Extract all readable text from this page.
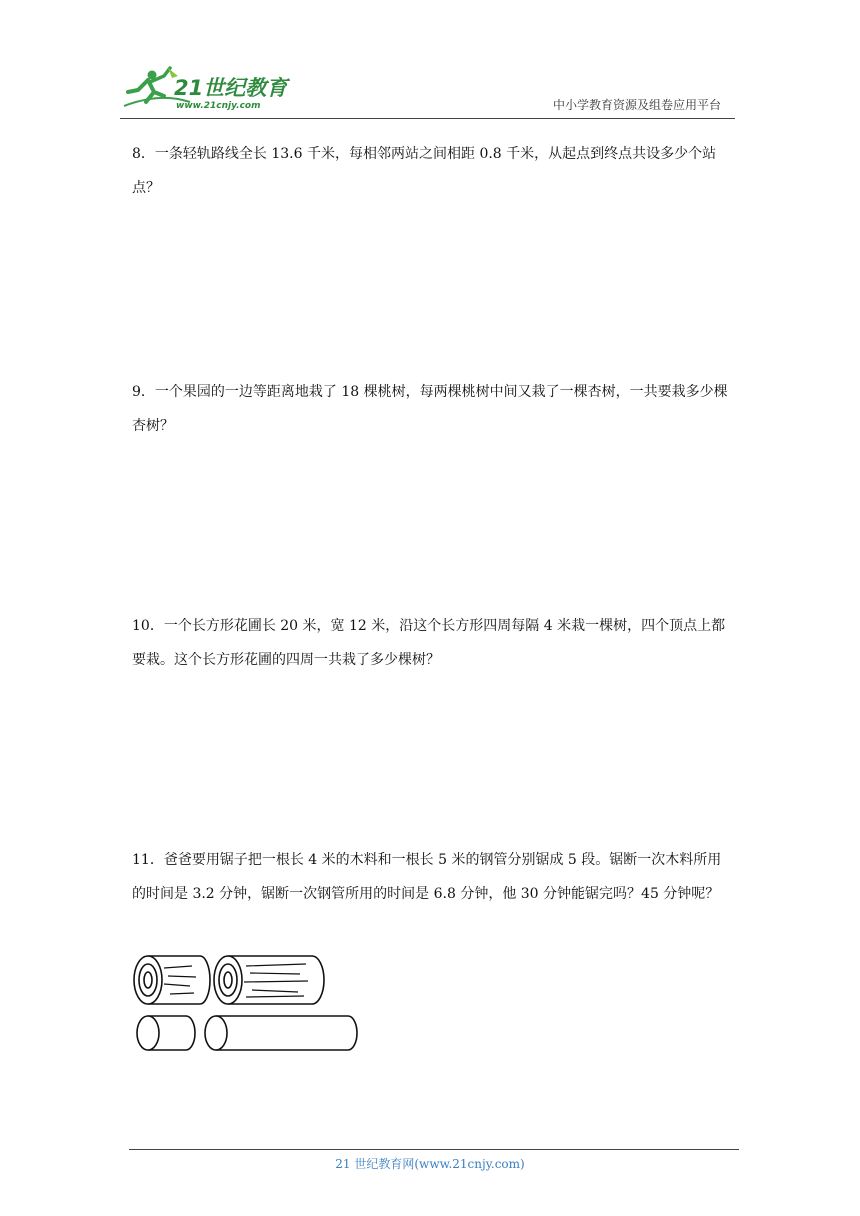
21世纪教育
www.21cnjy.com	中小学教育资源及组卷应用平台

8．一条轻轨路线全长 13.6 千米，每相邻两站之间相距 0.8 千米，从起点到终点共设多少个站点？

9．一个果园的一边等距离地栽了 18 棵桃树，每两棵桃树中间又栽了一棵杏树，一共要栽多少棵杏树？

10．一个长方形花圃长 20 米，宽 12 米，沿这个长方形四周每隔 4 米栽一棵树，四个顶点上都要栽。这个长方形花圃的四周一共栽了多少棵树？

11．爸爸要用锯子把一根长 4 米的木料和一根长 5 米的钢管分别锯成 5 段。锯断一次木料所用的时间是 3.2 分钟，锯断一次钢管所用的时间是 6.8 分钟，他 30 分钟能锯完吗？45 分钟呢？

21 世纪教育网(www.21cnjy.com)
